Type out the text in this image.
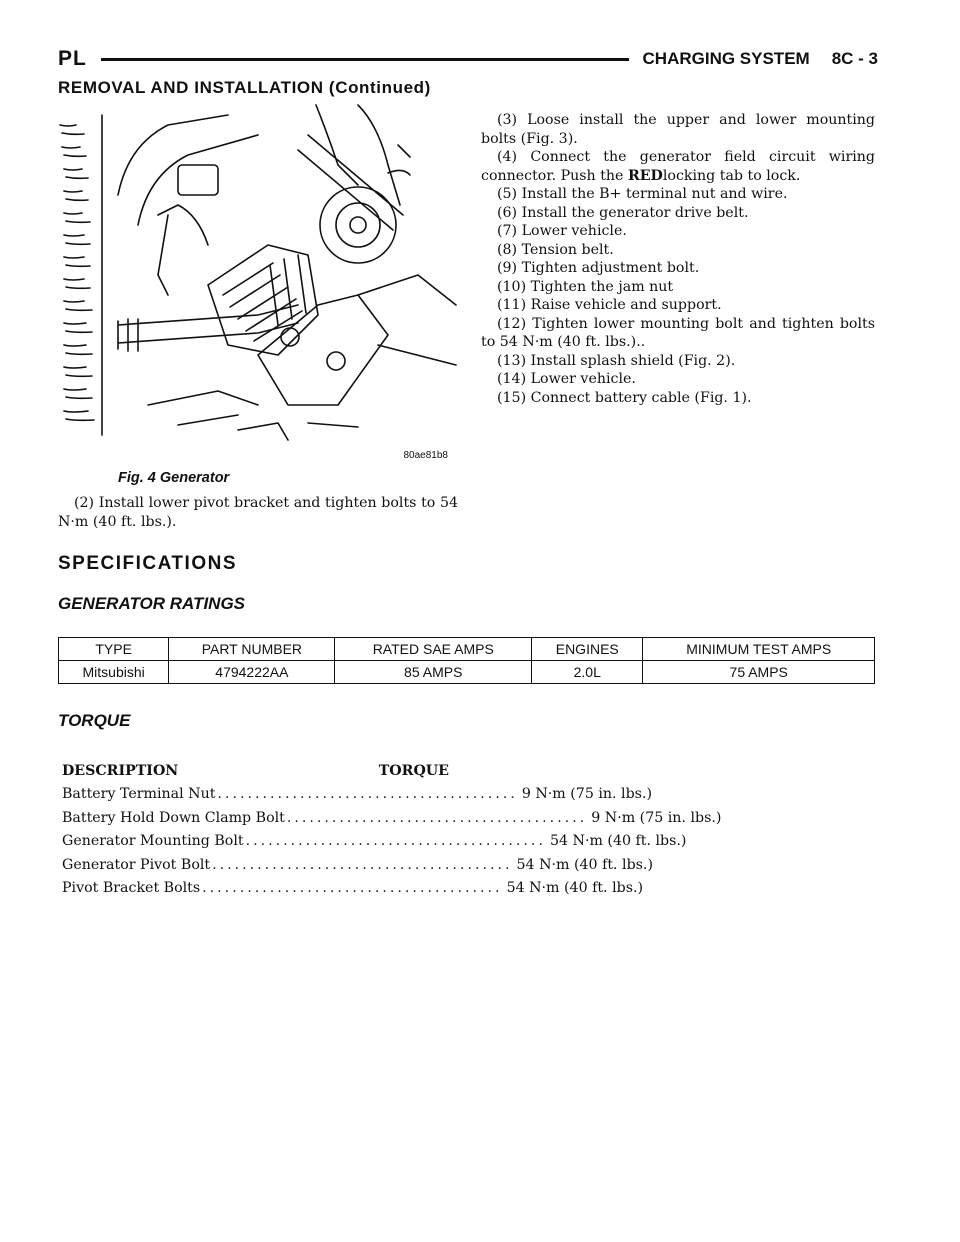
PL	CHARGING SYSTEM 8C - 3
REMOVAL AND INSTALLATION (Continued)
80ae81b8
Fig. 4 Generator

(2) Install lower pivot bracket and tighten bolts to 54 N·m (40 ft. lbs.).

(3) Loose install the upper and lower mounting bolts (Fig. 3).

(4) Connect the generator field circuit wiring connector. Push the REDlocking tab to lock.

(5) Install the B+ terminal nut and wire.

(6) Install the generator drive belt.

(7) Lower vehicle.

(8) Tension belt.

(9) Tighten adjustment bolt.

(10) Tighten the jam nut

(11) Raise vehicle and support.

(12) Tighten lower mounting bolt and tighten bolts to 54 N·m (40 ft. lbs.)..

(13) Install splash shield (Fig. 2).

(14) Lower vehicle.

(15) Connect battery cable (Fig. 1).

SPECIFICATIONS
GENERATOR RATINGS
TYPE	PART NUMBER	RATED SAE AMPS	ENGINES	MINIMUM TEST AMPS
Mitsubishi	4794222AA	85 AMPS	2.0L	75 AMPS
TORQUE
DESCRIPTION	TORQUE
Battery Terminal Nut ........................................ 9 N·m (75 in. lbs.)
Battery Hold Down Clamp Bolt ........................................ 9 N·m (75 in. lbs.)
Generator Mounting Bolt ........................................ 54 N·m (40 ft. lbs.)
Generator Pivot Bolt ........................................ 54 N·m (40 ft. lbs.)
Pivot Bracket Bolts ........................................ 54 N·m (40 ft. lbs.)
